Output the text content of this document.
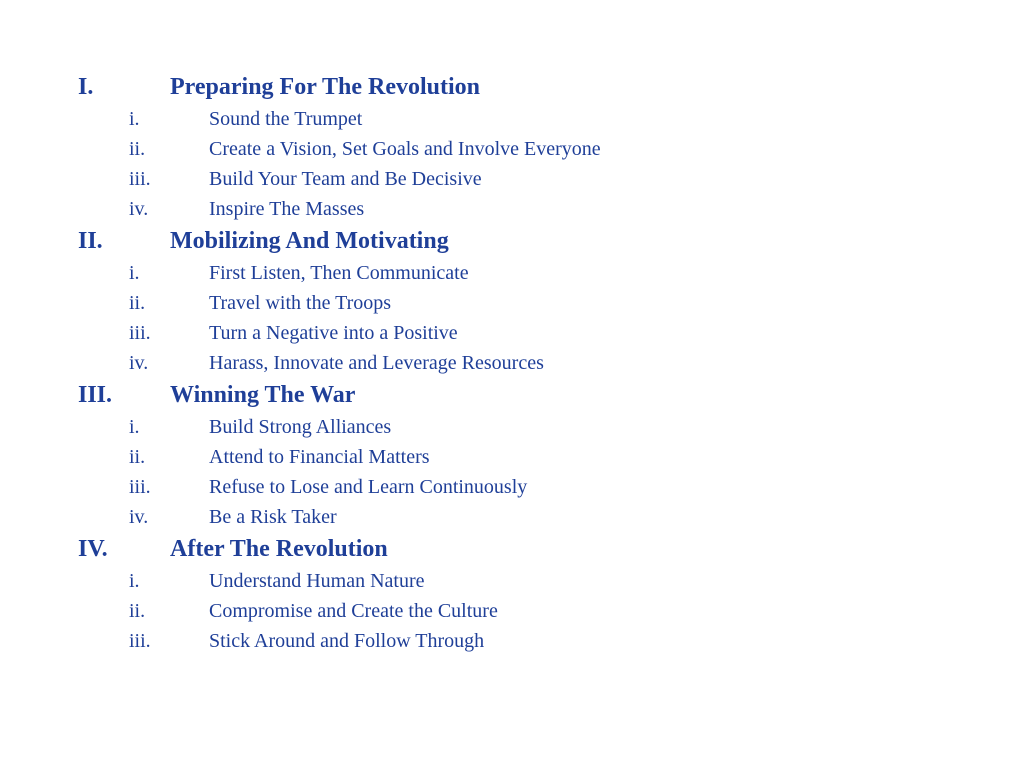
I.	Preparing For The Revolution
i.	Sound the Trumpet
ii.	Create a Vision, Set Goals and Involve Everyone
iii.	Build Your Team and Be Decisive
iv.	Inspire The Masses
II.	Mobilizing And Motivating
i.	First Listen, Then Communicate
ii.	Travel with the Troops
iii.	Turn a Negative into a Positive
iv.	Harass, Innovate and Leverage Resources
III. Winning The War
i.	Build Strong Alliances
ii.	Attend to Financial Matters
iii.	Refuse to Lose and Learn Continuously
iv.	Be a Risk Taker
IV.	After The Revolution
i.	Understand Human Nature
ii.	Compromise and Create the Culture
iii.	Stick Around and Follow Through
